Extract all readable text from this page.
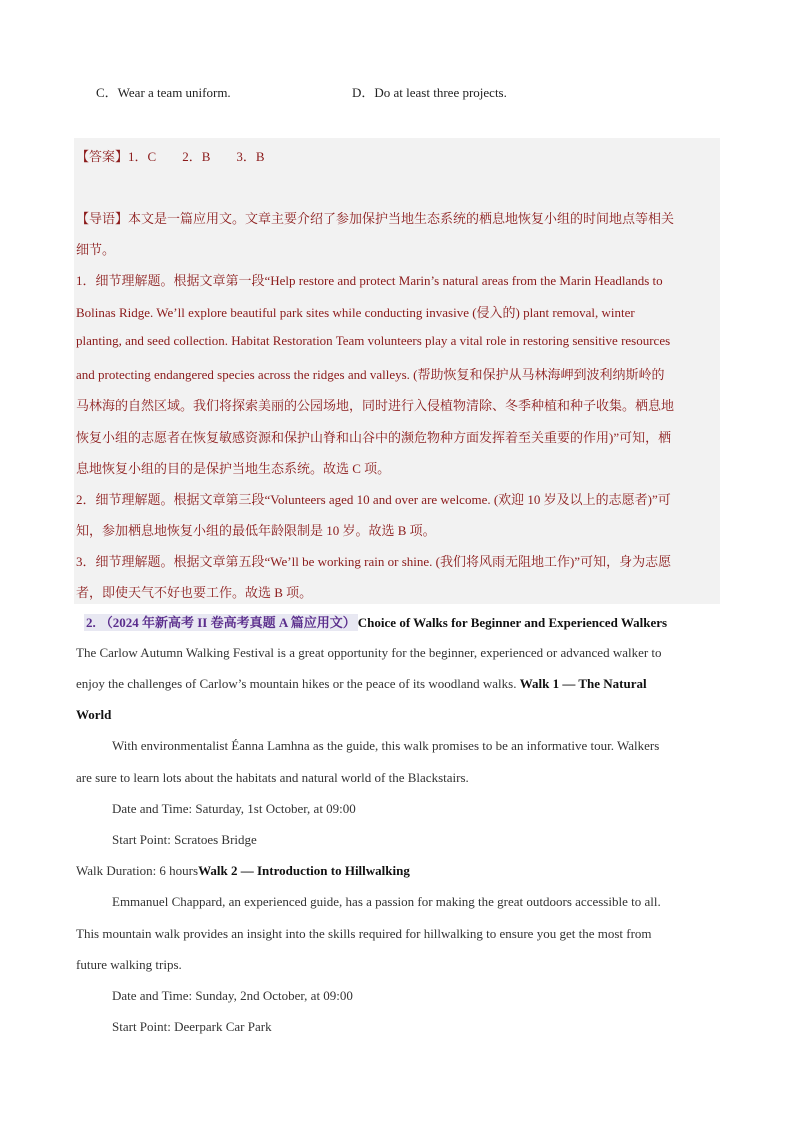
C．Wear a team uniform.	D．Do at least three projects.
【答案】1．C 2．B 3．B
【导语】本文是一篇应用文。文章主要介绍了参加保护当地生态系统的栖息地恢复小组的时间地点等相关
细节。
1．细节理解题。根据文章第一段“Help restore and protect Marin’s natural areas from the Marin Headlands to
Bolinas Ridge. We’ll explore beautiful park sites while conducting invasive (侵入的) plant removal, winter
planting, and seed collection. Habitat Restoration Team volunteers play a vital role in restoring sensitive resources
and protecting endangered species across the ridges and valleys. (帮助恢复和保护从马林海岬到波利纳斯岭的
马林海的自然区域。我们将探索美丽的公园场地，同时进行入侵植物清除、冬季种植和种子收集。栖息地
恢复小组的志愿者在恢复敏感资源和保护山脊和山谷中的濒危物种方面发挥着至关重要的作用)”可知，栖
息地恢复小组的目的是保护当地生态系统。故选 C 项。
2．细节理解题。根据文章第三段“Volunteers aged 10 and over are welcome. (欢迎 10 岁及以上的志愿者)”可
知，参加栖息地恢复小组的最低年龄限制是 10 岁。故选 B 项。
3．细节理解题。根据文章第五段“We’ll be working rain or shine. (我们将风雨无阻地工作)”可知，身为志愿
者，即使天气不好也要工作。故选 B 项。
2. （2024 年新高考 II 卷高考真题 A 篇应用文） Choice of Walks for Beginner and Experienced Walkers
The Carlow Autumn Walking Festival is a great opportunity for the beginner, experienced or advanced walker to
enjoy the challenges of Carlow’s mountain hikes or the peace of its woodland walks. Walk 1 — The Natural
World
With environmentalist Éanna Lamhna as the guide, this walk promises to be an informative tour. Walkers
are sure to learn lots about the habitats and natural world of the Blackstairs.
Date and Time: Saturday, 1st October, at 09:00
Start Point: Scratoes Bridge
Walk Duration: 6 hoursWalk 2 — Introduction to Hillwalking
Emmanuel Chappard, an experienced guide, has a passion for making the great outdoors accessible to all.
This mountain walk provides an insight into the skills required for hillwalking to ensure you get the most from
future walking trips.
Date and Time: Sunday, 2nd October, at 09:00
Start Point: Deerpark Car Park
